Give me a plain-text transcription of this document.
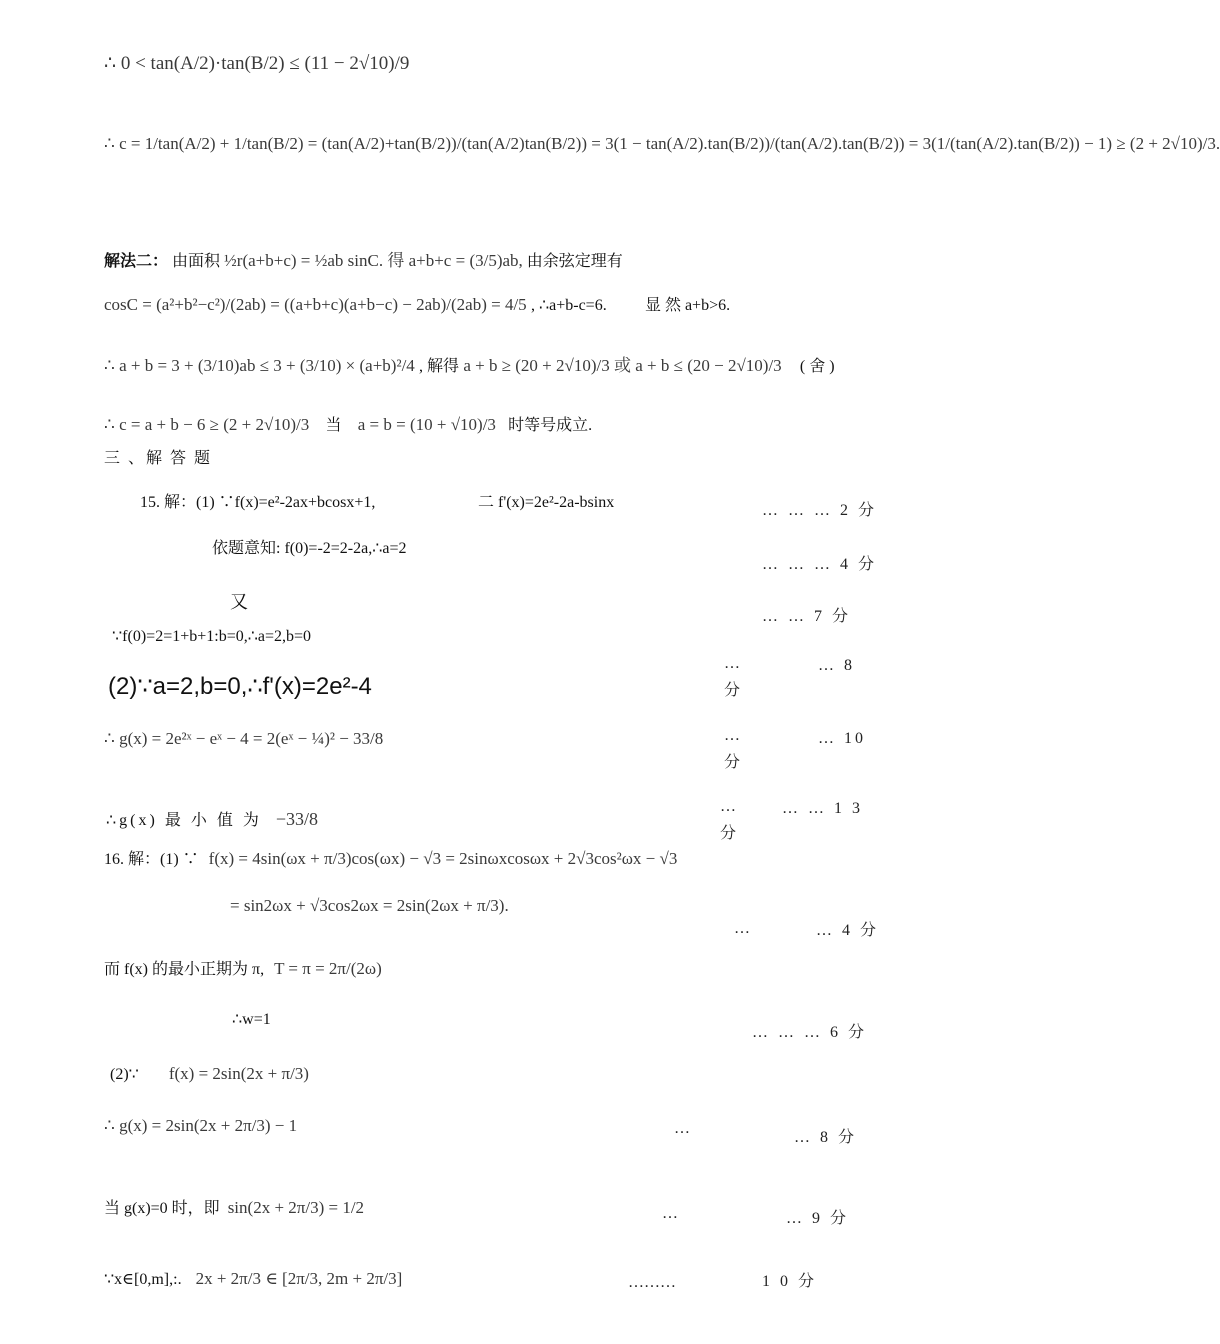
∴ 0 < tan(A/2)·tan(B/2) ≤ (11 − 2√10)/9
∴ c = 1/tan(A/2) + 1/tan(B/2) = (tan(A/2)+tan(B/2))/(tan(A/2)tan(B/2)) = 3(1 − tan(A/2).tan(B/2))/(tan(A/2).tan(B/2)) = 3(1/(tan(A/2).tan(B/2)) − 1) ≥ (2 + 2√10)/3.
解法二： 由面积 ½r(a+b+c) = ½ab sinC. 得 a+b+c = (3/5)ab, 由余弦定理有
cosC = (a²+b²−c²)/(2ab) = ((a+b+c)(a+b−c) − 2ab)/(2ab) = 4/5 , ∴a+b-c=6. 显 然 a+b>6.
∴ a + b = 3 + (3/10)ab ≤ 3 + (3/10) × (a+b)²/4 , 解得 a + b ≥ (20 + 2√10)/3 或 a + b ≤ (20 − 2√10)/3 ( 舍 )
∴ c = a + b − 6 ≥ (2 + 2√10)/3 当 a = b = (10 + √10)/3 时等号成立.
三 、解 答 题
15. 解：(1) ∵f(x)=e²-2ax+bcosx+1,	二 f'(x)=2e²-2a-bsinx	… … … 2 分
依题意知: f(0)=-2=2-2a,∴a=2
… … … 4 分
又
… … 7 分
∵f(0)=2=1+b+1:b=0,∴a=2,b=0
(2)∵a=2,b=0,∴f'(x)=2e²-4
…
分
… 8
∴ g(x) = 2e²ˣ − eˣ − 4 = 2(eˣ − ¼)² − 33/8	…
分
… 10
∴g(x) 最 小 值 为 −33/8
…
分
… … 1 3
16. 解：(1) ∵ f(x) = 4sin(ωx + π/3)cos(ωx) − √3 = 2sinωxcosωx + 2√3cos²ωx − √3
= sin2ωx + √3cos2ωx = 2sin(2ωx + π/3).
…	… 4 分
而 f(x) 的最小正期为 π, T = π = 2π/(2ω)
∴w=1
… … … 6 分
(2)∵ f(x) = 2sin(2x + π/3)
∴ g(x) = 2sin(2x + 2π/3) − 1	…
… 8 分
当 g(x)=0 时，即 sin(2x + 2π/3) = 1/2	…	… 9 分
∵x∈[0,m],:. 2x + 2π/3 ∈ [2π/3, 2m + 2π/3]	………	1 0 分
